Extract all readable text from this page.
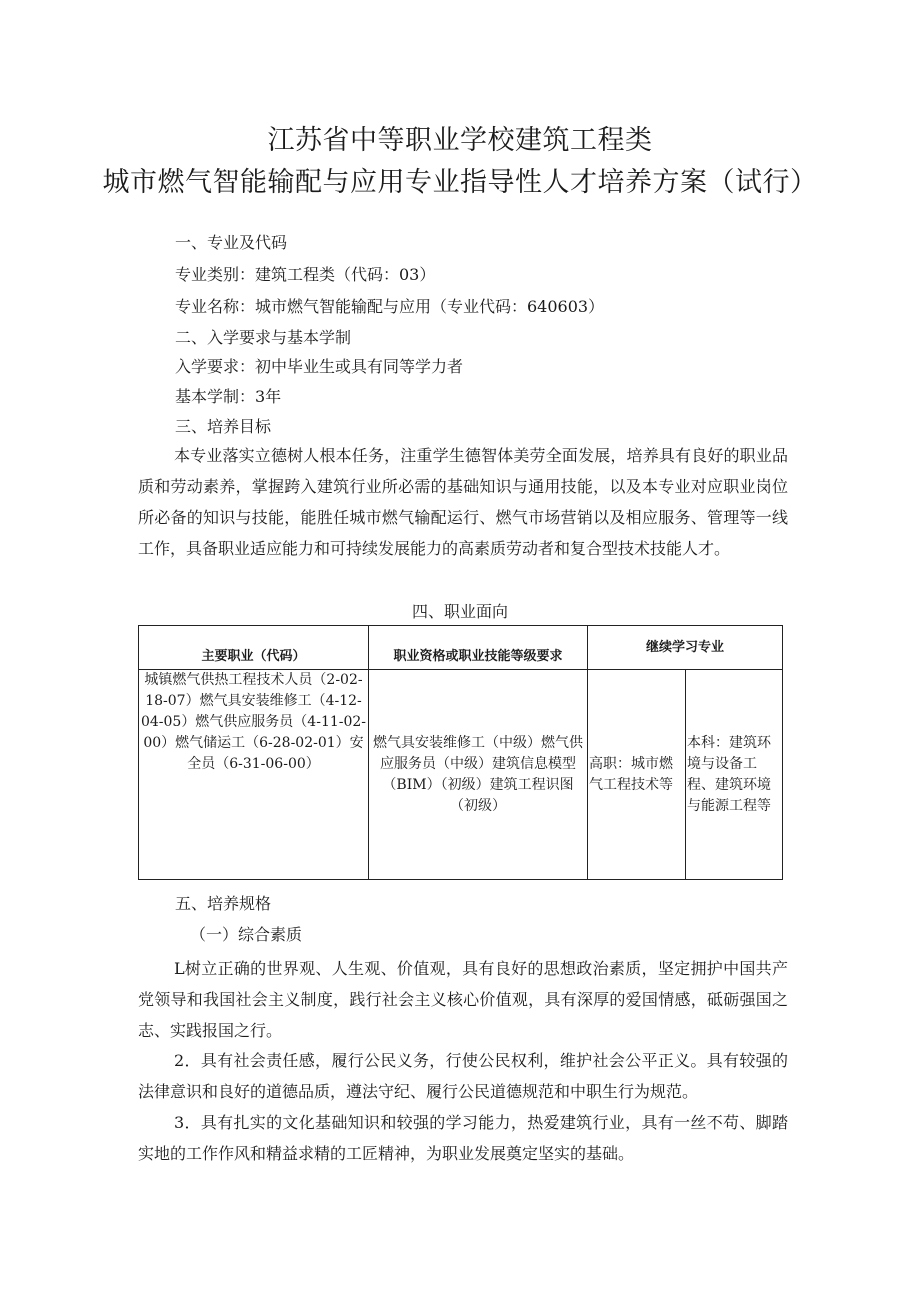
江苏省中等职业学校建筑工程类
城市燃气智能输配与应用专业指导性人才培养方案（试行）
一、专业及代码
专业类别：建筑工程类（代码：03）
专业名称：城市燃气智能输配与应用（专业代码：640603）
二、入学要求与基本学制
入学要求：初中毕业生或具有同等学力者
基本学制：3年
三、培养目标
本专业落实立德树人根本任务，注重学生德智体美劳全面发展，培养具有良好的职业品质和劳动素养，掌握跨入建筑行业所必需的基础知识与通用技能，以及本专业对应职业岗位所必备的知识与技能，能胜任城市燃气输配运行、燃气市场营销以及相应服务、管理等一线工作，具备职业适应能力和可持续发展能力的高素质劳动者和复合型技术技能人才。
四、职业面向
主要职业（代码）	职业资格或职业技能等级要求	继续学习专业	
城镇燃气供热工程技术人员（2-02-18-07）燃气具安装维修工（4-12-04-05）燃气供应服务员（4-11-02-00）燃气储运工（6-28-02-01）安全员（6-31-06-00）	燃气具安装维修工（中级）燃气供应服务员（中级）建筑信息模型（BIM）（初级）建筑工程识图（初级）	高职：城市燃气工程技术等	本科：建筑环境与设备工程、建筑环境与能源工程等
五、培养规格
（一）综合素质
L树立正确的世界观、人生观、价值观，具有良好的思想政治素质，坚定拥护中国共产党领导和我国社会主义制度，践行社会主义核心价值观，具有深厚的爱国情感，砥砺强国之志、实践报国之行。
2．具有社会责任感，履行公民义务，行使公民权利，维护社会公平正义。具有较强的法律意识和良好的道德品质，遵法守纪、履行公民道德规范和中职生行为规范。
3．具有扎实的文化基础知识和较强的学习能力，热爱建筑行业，具有一丝不苟、脚踏实地的工作作风和精益求精的工匠精神，为职业发展奠定坚实的基础。
